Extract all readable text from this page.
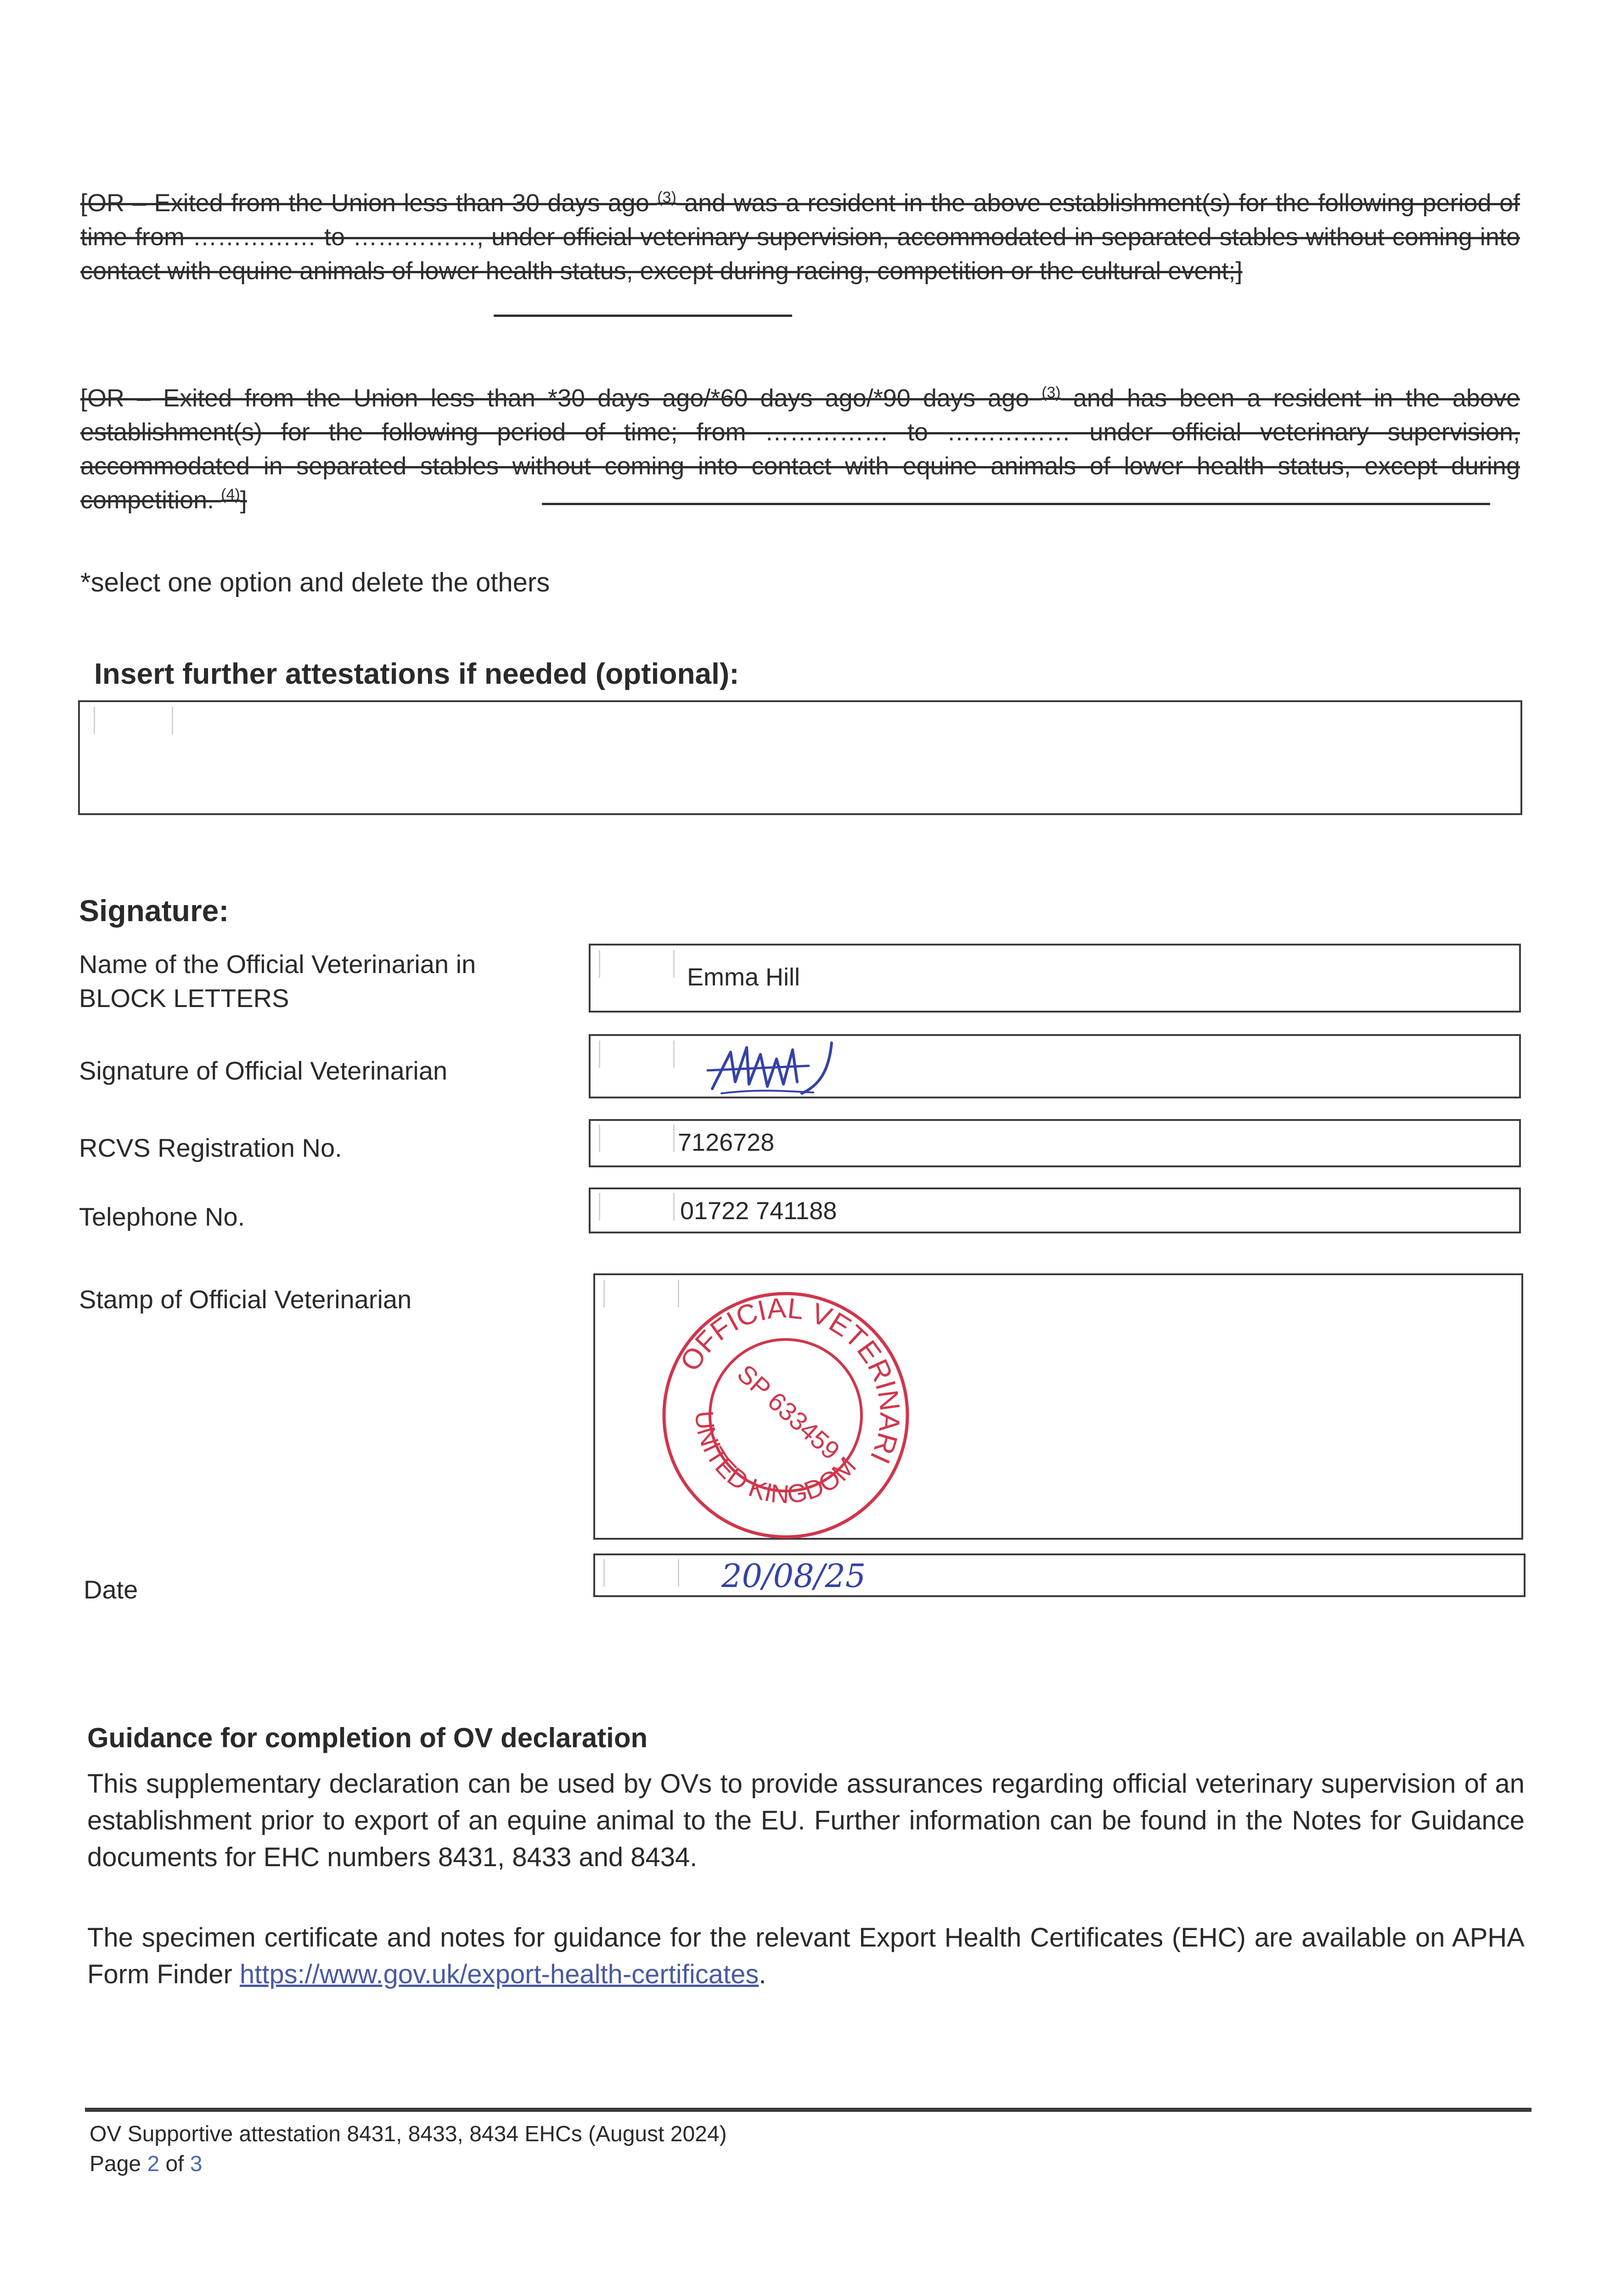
[OR – Exited from the Union less than 30 days ago $^{(3)}$ and was a resident in the above establishment(s) for the following period of time from …………… to ……………, under official veterinary supervision, accommodated in separated stables without coming into contact with equine animals of lower health status, except during racing, competition or the cultural event;]
[OR – Exited from the Union less than *30 days ago/*60 days ago/*90 days ago $^{(3)}$ and has been a resident in the above establishment(s) for the following period of time; from …………… to …………… under official veterinary supervision, accommodated in separated stables without coming into contact with equine animals of lower health status, except during competition. $^{(4)}$]
*select one option and delete the others
Insert further attestations if needed (optional):
Signature:
Name of the Official Veterinarian in BLOCK LETTERS
Emma Hill
Signature of Official Veterinarian
RCVS Registration No.	7126728
Telephone No.	01722 741188
Stamp of Official Veterinarian
OFFICIAL VETERINARIAN
UNITED KINGDOM
SP 633459
Date	20/08/25
Guidance for completion of OV declaration
This supplementary declaration can be used by OVs to provide assurances regarding official veterinary supervision of an establishment prior to export of an equine animal to the EU. Further information can be found in the Notes for Guidance documents for EHC numbers 8431, 8433 and 8434.
The specimen certificate and notes for guidance for the relevant Export Health Certificates (EHC) are available on APHA Form Finder https://www.gov.uk/export-health-certificates.
OV Supportive attestation 8431, 8433, 8434 EHCs (August 2024)
Page 2 of 3
